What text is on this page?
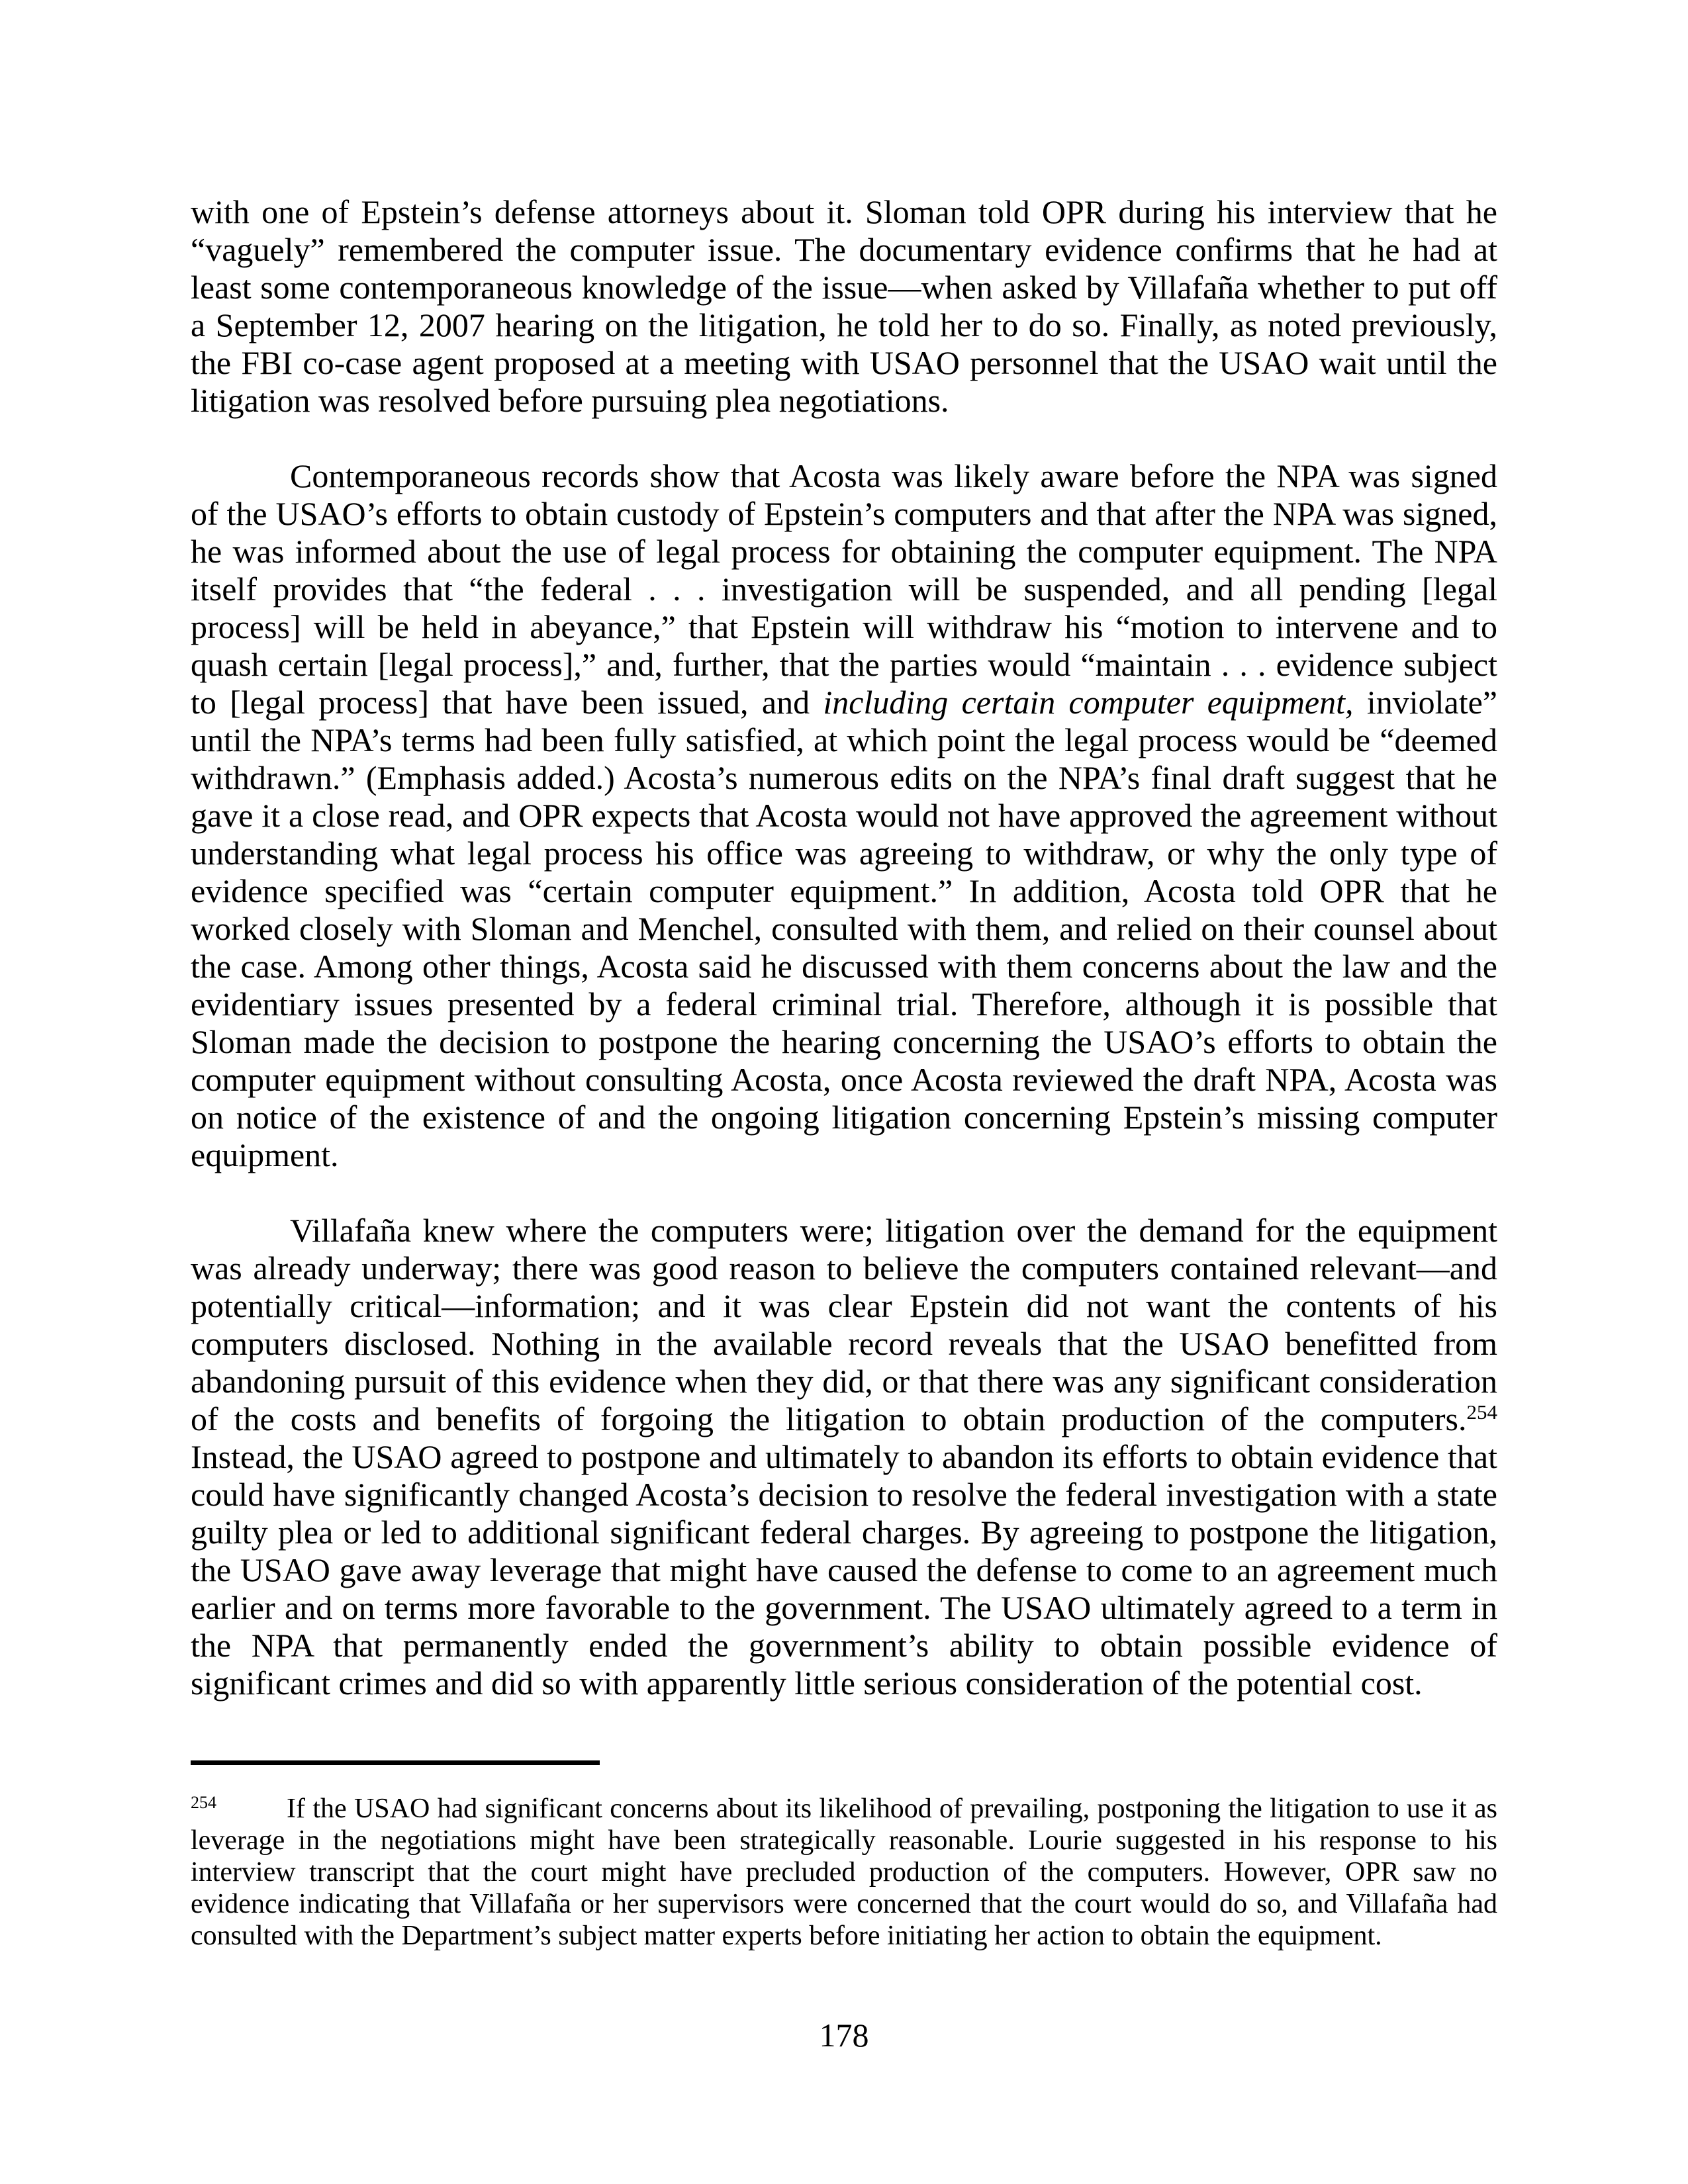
with one of Epstein’s defense attorneys about it. Sloman told OPR during his interview that he “vaguely” remembered the computer issue. The documentary evidence confirms that he had at least some contemporaneous knowledge of the issue—when asked by Villafaña whether to put off a September 12, 2007 hearing on the litigation, he told her to do so. Finally, as noted previously, the FBI co-case agent proposed at a meeting with USAO personnel that the USAO wait until the litigation was resolved before pursuing plea negotiations.

Contemporaneous records show that Acosta was likely aware before the NPA was signed of the USAO’s efforts to obtain custody of Epstein’s computers and that after the NPA was signed, he was informed about the use of legal process for obtaining the computer equipment. The NPA itself provides that “the federal . . . investigation will be suspended, and all pending [legal process] will be held in abeyance,” that Epstein will withdraw his “motion to intervene and to quash certain [legal process],” and, further, that the parties would “maintain . . . evidence subject to [legal process] that have been issued, and including certain computer equipment, inviolate” until the NPA’s terms had been fully satisfied, at which point the legal process would be “deemed withdrawn.” (Emphasis added.) Acosta’s numerous edits on the NPA’s final draft suggest that he gave it a close read, and OPR expects that Acosta would not have approved the agreement without understanding what legal process his office was agreeing to withdraw, or why the only type of evidence specified was “certain computer equipment.” In addition, Acosta told OPR that he worked closely with Sloman and Menchel, consulted with them, and relied on their counsel about the case. Among other things, Acosta said he discussed with them concerns about the law and the evidentiary issues presented by a federal criminal trial. Therefore, although it is possible that Sloman made the decision to postpone the hearing concerning the USAO’s efforts to obtain the computer equipment without consulting Acosta, once Acosta reviewed the draft NPA, Acosta was on notice of the existence of and the ongoing litigation concerning Epstein’s missing computer equipment.

Villafaña knew where the computers were; litigation over the demand for the equipment was already underway; there was good reason to believe the computers contained relevant—and potentially critical—information; and it was clear Epstein did not want the contents of his computers disclosed. Nothing in the available record reveals that the USAO benefitted from abandoning pursuit of this evidence when they did, or that there was any significant consideration of the costs and benefits of forgoing the litigation to obtain production of the computers.$^{254}$ Instead, the USAO agreed to postpone and ultimately to abandon its efforts to obtain evidence that could have significantly changed Acosta’s decision to resolve the federal investigation with a state guilty plea or led to additional significant federal charges. By agreeing to postpone the litigation, the USAO gave away leverage that might have caused the defense to come to an agreement much earlier and on terms more favorable to the government. The USAO ultimately agreed to a term in the NPA that permanently ended the government’s ability to obtain possible evidence of significant crimes and did so with apparently little serious consideration of the potential cost.

$^{254}$	If the USAO had significant concerns about its likelihood of prevailing, postponing the litigation to use it as leverage in the negotiations might have been strategically reasonable. Lourie suggested in his response to his interview transcript that the court might have precluded production of the computers. However, OPR saw no evidence indicating that Villafaña or her supervisors were concerned that the court would do so, and Villafaña had consulted with the Department’s subject matter experts before initiating her action to obtain the equipment.

178
